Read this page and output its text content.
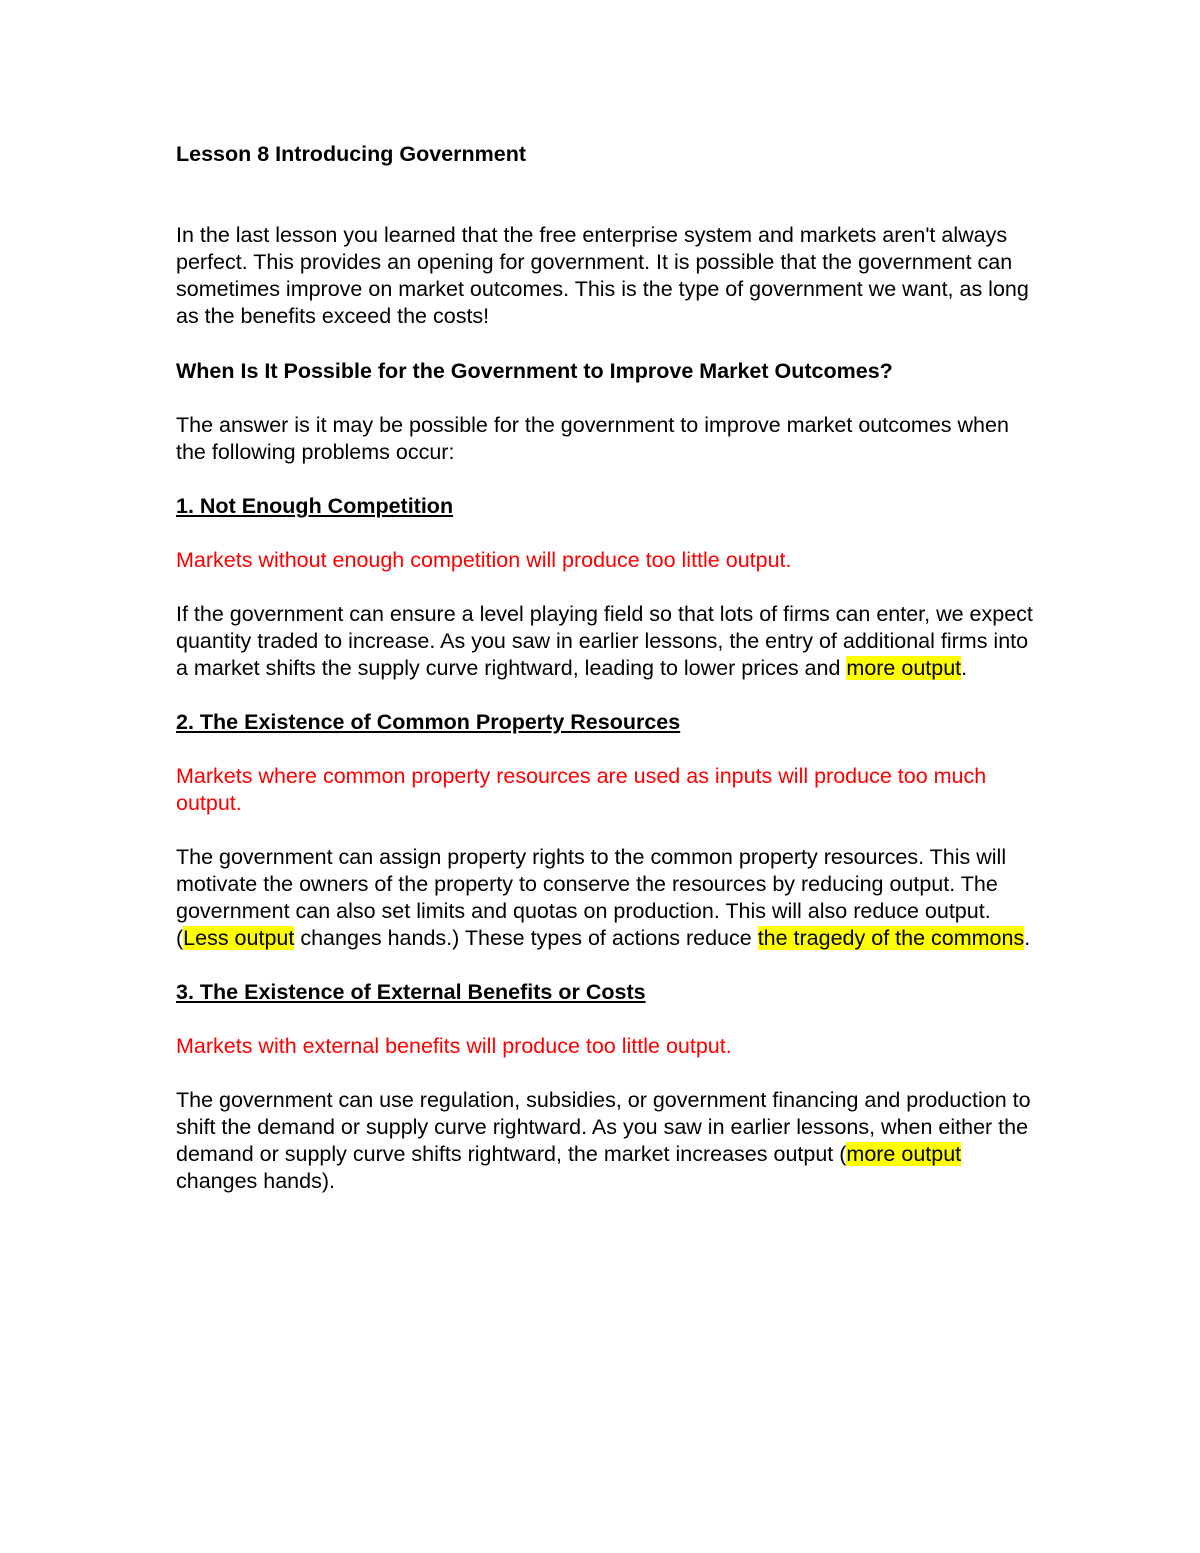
Lesson 8 Introducing Government
In the last lesson you learned that the free enterprise system and markets aren't always perfect. This provides an opening for government. It is possible that the government can sometimes improve on market outcomes. This is the type of government we want, as long as the benefits exceed the costs!
When Is It Possible for the Government to Improve Market Outcomes?
The answer is it may be possible for the government to improve market outcomes when the following problems occur:
1. Not Enough Competition
Markets without enough competition will produce too little output.
If the government can ensure a level playing field so that lots of firms can enter, we expect quantity traded to increase. As you saw in earlier lessons, the entry of additional firms into a market shifts the supply curve rightward, leading to lower prices and more output.
2. The Existence of Common Property Resources
Markets where common property resources are used as inputs will produce too much output.
The government can assign property rights to the common property resources. This will motivate the owners of the property to conserve the resources by reducing output. The government can also set limits and quotas on production. This will also reduce output. (Less output changes hands.) These types of actions reduce the tragedy of the commons.
3. The Existence of External Benefits or Costs
Markets with external benefits will produce too little output.
The government can use regulation, subsidies, or government financing and production to shift the demand or supply curve rightward. As you saw in earlier lessons, when either the demand or supply curve shifts rightward, the market increases output (more output changes hands).
